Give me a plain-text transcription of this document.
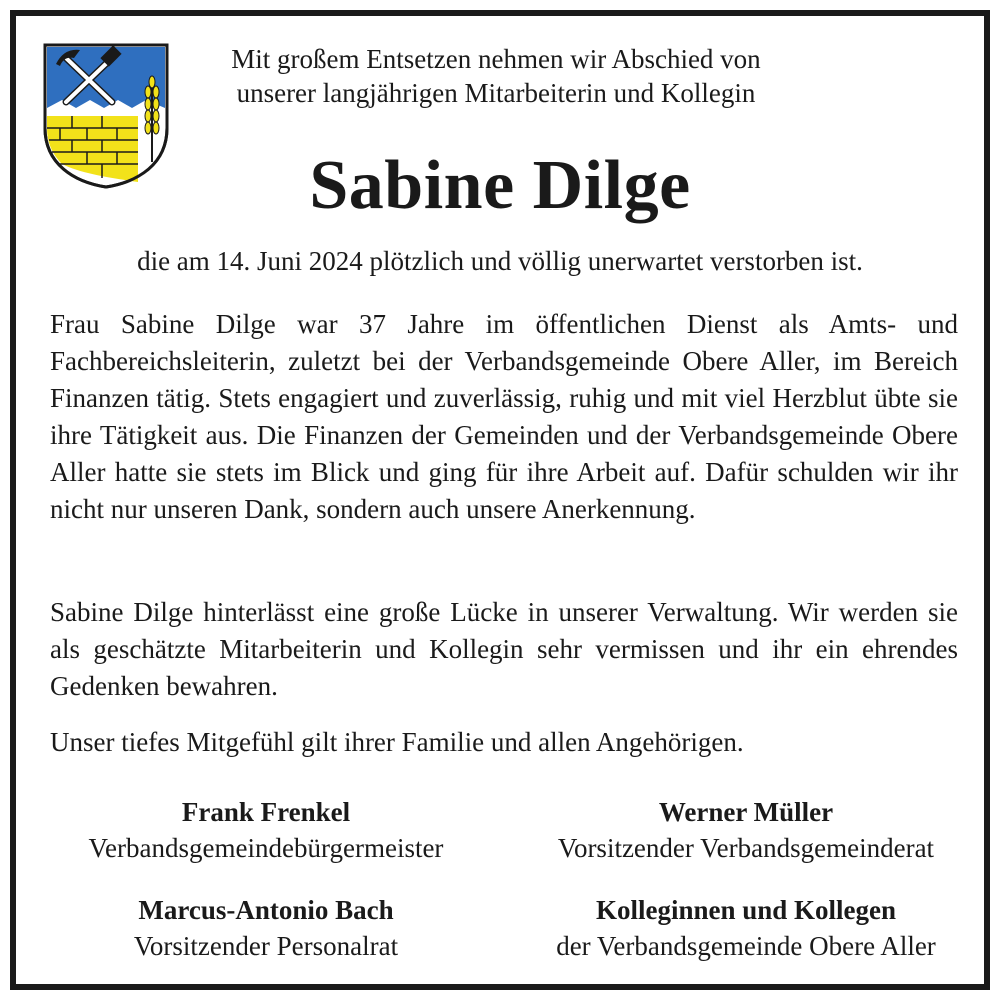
Mit großem Entsetzen nehmen wir Abschied von
unserer langjährigen Mitarbeiterin und Kollegin
Sabine Dilge
die am 14. Juni 2024 plötzlich und völlig unerwartet verstorben ist.
Frau Sabine Dilge war 37 Jahre im öffentlichen Dienst als Amts- und Fachbereichsleiterin, zuletzt bei der Verbandsgemeinde Obere Aller, im Bereich Finanzen tätig. Stets engagiert und zuverlässig, ruhig und mit viel Herzblut übte sie ihre Tätigkeit aus. Die Finanzen der Gemeinden und der Verbandsgemeinde Obere Aller hatte sie stets im Blick und ging für ihre Arbeit auf. Dafür schulden wir ihr nicht nur unseren Dank, sondern auch unsere Anerkennung.
Sabine Dilge hinterlässt eine große Lücke in unserer Verwaltung. Wir werden sie als geschätzte Mitarbeiterin und Kollegin sehr vermissen und ihr ein ehrendes Gedenken bewahren.
Unser tiefes Mitgefühl gilt ihrer Familie und allen Angehörigen.
Frank Frenkel
Verbandsgemeindebürgermeister
Werner Müller
Vorsitzender Verbandsgemeinderat
Marcus-Antonio Bach
Vorsitzender Personalrat
Kolleginnen und Kollegen
der Verbandsgemeinde Obere Aller
